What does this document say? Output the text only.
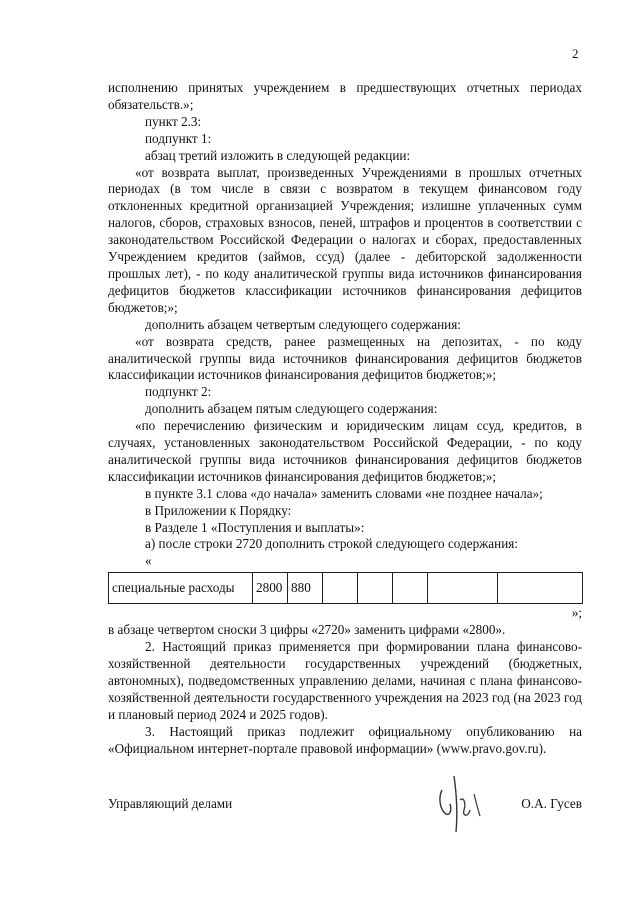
2

исполнению принятых учреждением в предшествующих отчетных периодах обязательств.»;

пункт 2.3:

подпункт 1:

абзац третий изложить в следующей редакции:

«от возврата выплат, произведенных Учреждениями в прошлых отчетных периодах (в том числе в связи с возвратом в текущем финансовом году отклоненных кредитной организацией Учреждения; излишне уплаченных сумм налогов, сборов, страховых взносов, пеней, штрафов и процентов в соответствии с законодательством Российской Федерации о налогах и сборах, предоставленных Учреждением кредитов (займов, ссуд) (далее - дебиторской задолженности прошлых лет), - по коду аналитической группы вида источников финансирования дефицитов бюджетов классификации источников финансирования дефицитов бюджетов;»;

дополнить абзацем четвертым следующего содержания:

«от возврата средств, ранее размещенных на депозитах, - по коду аналитической группы вида источников финансирования дефицитов бюджетов классификации источников финансирования дефицитов бюджетов;»;

подпункт 2:

дополнить абзацем пятым следующего содержания:

«по перечислению физическим и юридическим лицам ссуд, кредитов, в случаях, установленных законодательством Российской Федерации, - по коду аналитической группы вида источников финансирования дефицитов бюджетов классификации источников финансирования дефицитов бюджетов;»;

в пункте 3.1 слова «до начала» заменить словами «не позднее начала»;

в Приложении к Порядку:

в Разделе 1 «Поступления и выплаты»:

а) после строки 2720 дополнить строкой следующего содержания:

«

специальные расходы	2800	880					

»;

в абзаце четвертом сноски 3 цифры «2720» заменить цифрами «2800».

2. Настоящий приказ применяется при формировании плана финансово-хозяйственной деятельности государственных учреждений (бюджетных, автономных), подведомственных управлению делами, начиная с плана финансово-хозяйственной деятельности государственного учреждения на 2023 год (на 2023 год и плановый период 2024 и 2025 годов).

3. Настоящий приказ подлежит официальному опубликованию на «Официальном интернет-портале правовой информации» (www.pravo.gov.ru).

Управляющий делами	О.А. Гусев
